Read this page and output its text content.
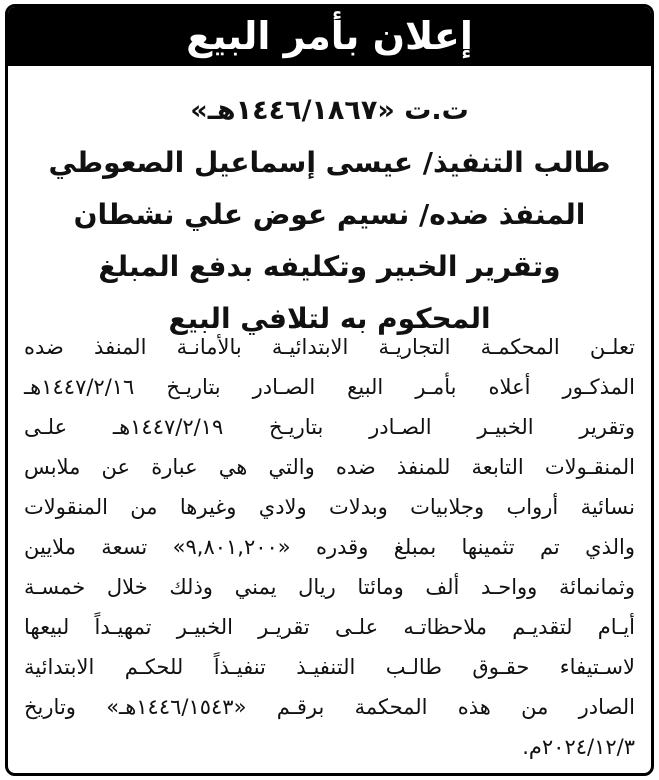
إعلان بأمر البيع
ت.ت «١٤٤٦/١٨٦٧هـ»
طالب التنفيذ/ عيسى إسماعيل الصعوطي
المنفذ ضده/ نسيم عوض علي نشطان
وتقرير الخبير وتكليفه بدفع المبلغ
المحكوم به لتلافي البيع
تعلـن المحكمـة التجاريـة الابتدائيـة بالأمانـة المنفذ ضده
المذكـور أعلاه بأمـر البيع الصـادر بتاريـخ ١٤٤٧/٢/١٦هـ
وتقرير الخبيـر الصـادر بتاريـخ ١٤٤٧/٢/١٩هـ علـى
المنقـولات التابعة للمنفذ ضده والتي هي عبارة عن ملابس
نسائية أرواب وجلابيات وبدلات ولادي وغيرها من المنقولات
والذي تم تثمينها بمبلغ وقدره «٩,٨٠١,٢٠٠» تسعة ملايين
وثمانمائة وواحـد ألف ومائتا ريال يمني وذلك خلال خمسـة
أيـام لتقديـم ملاحظاتـه علـى تقريـر الخبيـر تمهيـداً لبيعها
لاسـتيفاء حقـوق طالـب التنفيـذ تنفيـذاً للحكـم الابتدائية
الصادر من هذه المحكمة برقـم «١٤٤٦/١٥٤٣هـ» وتاريخ
٢٠٢٤/١٢/٣م.
